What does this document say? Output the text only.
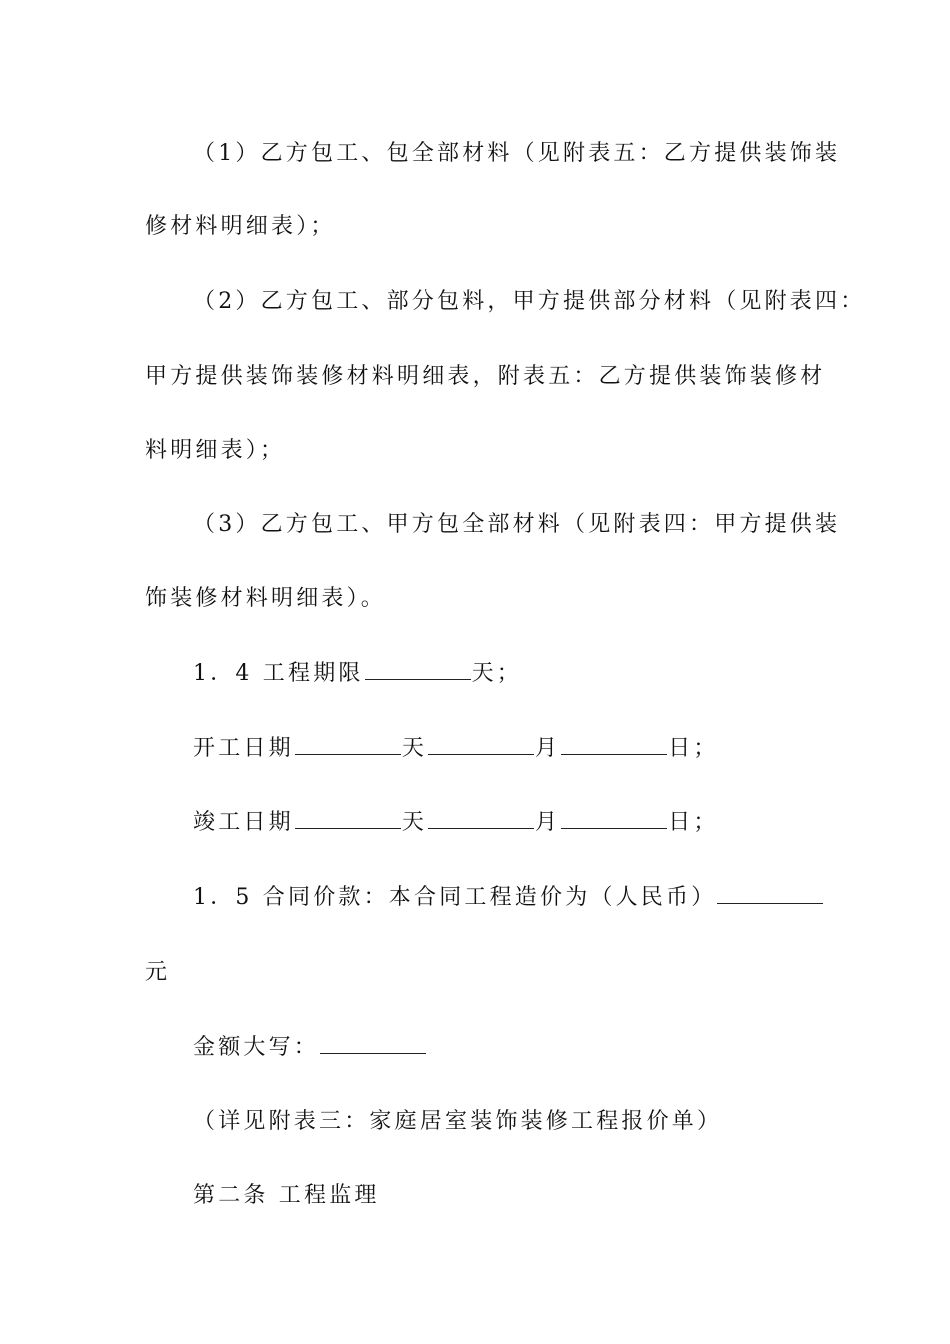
（1）乙方包工、包全部材料（见附表五：乙方提供装饰装
修材料明细表）；
（2）乙方包工、部分包料，甲方提供部分材料（见附表四：
甲方提供装饰装修材料明细表，附表五：乙方提供装饰装修材
料明细表）；
（3）乙方包工、甲方包全部材料（见附表四：甲方提供装
饰装修材料明细表）。
1．4 工程期限	天；
开工日期	天	月	日；
竣工日期	天	月	日；
1．5 合同价款：本合同工程造价为（人民币）
元
金额大写：
（详见附表三：家庭居室装饰装修工程报价单）
第二条 工程监理
